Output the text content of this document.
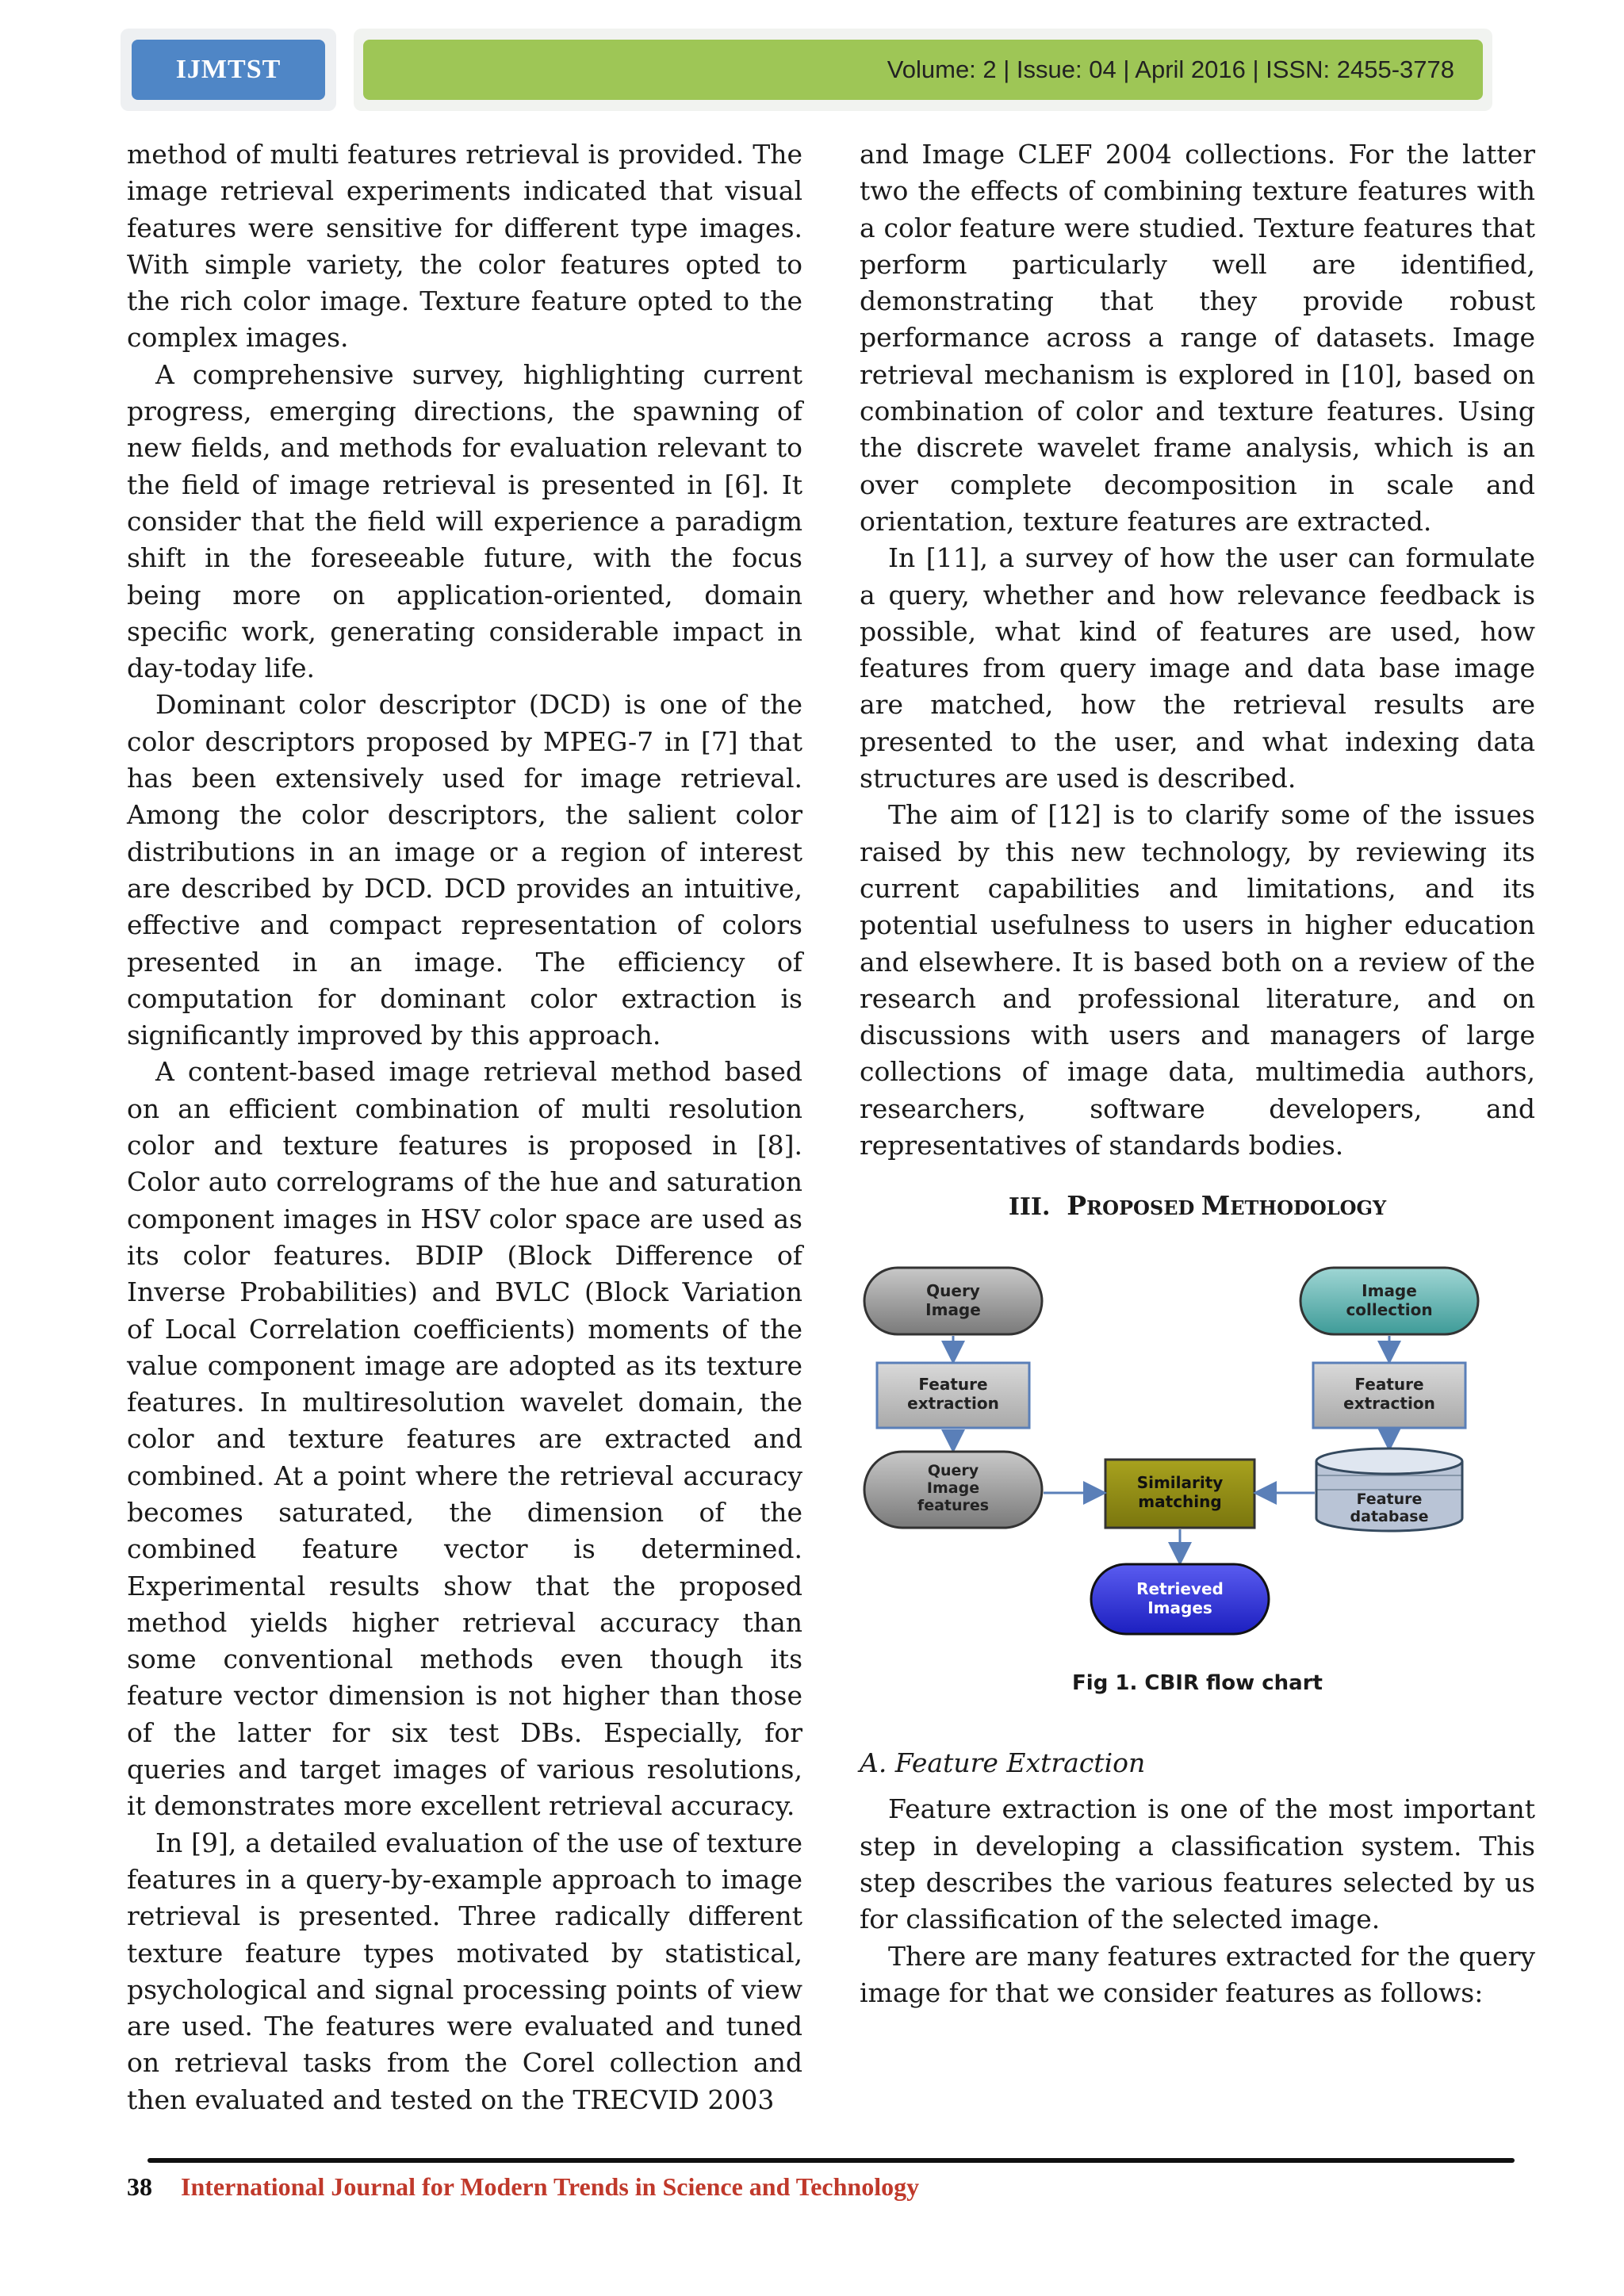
IJMTST	Volume: 2 | Issue: 04 | April 2016 | ISSN: 2455-3778

method of multi features retrieval is provided. The image retrieval experiments indicated that visual features were sensitive for different type images. With simple variety, the color features opted to the rich color image. Texture feature opted to the complex images.

A comprehensive survey, highlighting current progress, emerging directions, the spawning of new fields, and methods for evaluation relevant to the field of image retrieval is presented in [6]. It consider that the field will experience a paradigm shift in the foreseeable future, with the focus being more on application-oriented, domain specific work, generating considerable impact in day-today life.

Dominant color descriptor (DCD) is one of the color descriptors proposed by MPEG-7 in [7] that has been extensively used for image retrieval. Among the color descriptors, the salient color distributions in an image or a region of interest are described by DCD. DCD provides an intuitive, effective and compact representation of colors presented in an image. The efficiency of computation for dominant color extraction is significantly improved by this approach.

A content-based image retrieval method based on an efficient combination of multi resolution color and texture features is proposed in [8]. Color auto correlograms of the hue and saturation component images in HSV color space are used as its color features. BDIP (Block Difference of Inverse Probabilities) and BVLC (Block Variation of Local Correlation coefficients) moments of the value component image are adopted as its texture features. In multiresolution wavelet domain, the color and texture features are extracted and combined. At a point where the retrieval accuracy becomes saturated, the dimension of the combined feature vector is determined. Experimental results show that the proposed method yields higher retrieval accuracy than some conventional methods even though its feature vector dimension is not higher than those of the latter for six test DBs. Especially, for queries and target images of various resolutions, it demonstrates more excellent retrieval accuracy.

In [9], a detailed evaluation of the use of texture features in a query-by-example approach to image retrieval is presented. Three radically different texture feature types motivated by statistical, psychological and signal processing points of view are used. The features were evaluated and tuned on retrieval tasks from the Corel collection and then evaluated and tested on the TRECVID 2003

and Image CLEF 2004 collections. For the latter two the effects of combining texture features with a color feature were studied. Texture features that perform particularly well are identified, demonstrating that they provide robust performance across a range of datasets. Image retrieval mechanism is explored in [10], based on combination of color and texture features. Using the discrete wavelet frame analysis, which is an over complete decomposition in scale and orientation, texture features are extracted.

In [11], a survey of how the user can formulate a query, whether and how relevance feedback is possible, what kind of features are used, how features from query image and data base image are matched, how the retrieval results are presented to the user, and what indexing data structures are used is described.

The aim of [12] is to clarify some of the issues raised by this new technology, by reviewing its current capabilities and limitations, and its potential usefulness to users in higher education and elsewhere. It is based both on a review of the research and professional literature, and on discussions with users and managers of large collections of image data, multimedia authors, researchers, software developers, and representatives of standards bodies.

III. PROPOSED METHODOLOGY
Query
Image
Feature
extraction
Query
Image
features
Image
collection
Feature
extraction
Feature
database
Similarity
matching
Retrieved
Images
Fig 1. CBIR flow chart
A. Feature Extraction

Feature extraction is one of the most important step in developing a classification system. This step describes the various features selected by us for classification of the selected image.

There are many features extracted for the query image for that we consider features as follows:

38 International Journal for Modern Trends in Science and Technology
